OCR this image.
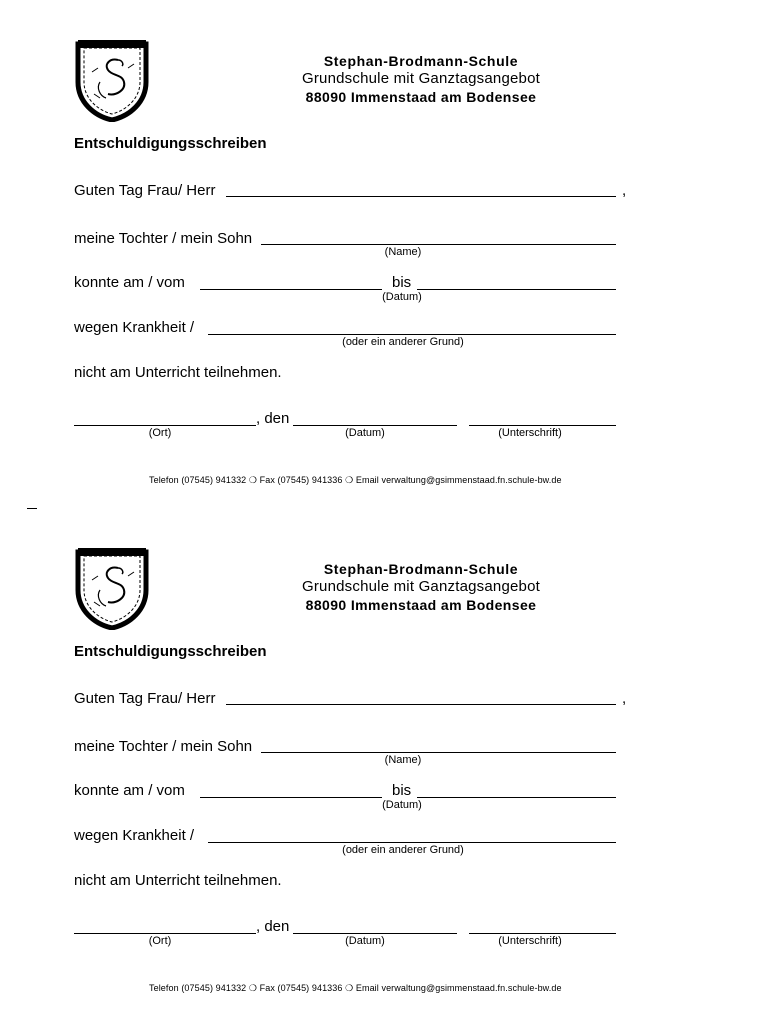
Stephan-Brodmann-Schule
Grundschule mit Ganztagsangebot
88090 Immenstaad am Bodensee
Entschuldigungsschreiben
Guten Tag Frau/ Herr	,
meine Tochter / mein Sohn
(Name)
konnte am / vom	bis
(Datum)
wegen Krankheit /
(oder ein anderer Grund)
nicht am Unterricht teilnehmen.
, den
(Ort)	(Datum)	(Unterschrift)
Telefon (07545) 941332 ❍ Fax (07545) 941336 ❍ Email verwaltung@gsimmenstaad.fn.schule-bw.de
Stephan-Brodmann-Schule
Grundschule mit Ganztagsangebot
88090 Immenstaad am Bodensee
Entschuldigungsschreiben
Guten Tag Frau/ Herr	,
meine Tochter / mein Sohn
(Name)
konnte am / vom	bis
(Datum)
wegen Krankheit /
(oder ein anderer Grund)
nicht am Unterricht teilnehmen.
, den
(Ort)	(Datum)	(Unterschrift)
Telefon (07545) 941332 ❍ Fax (07545) 941336 ❍ Email verwaltung@gsimmenstaad.fn.schule-bw.de
